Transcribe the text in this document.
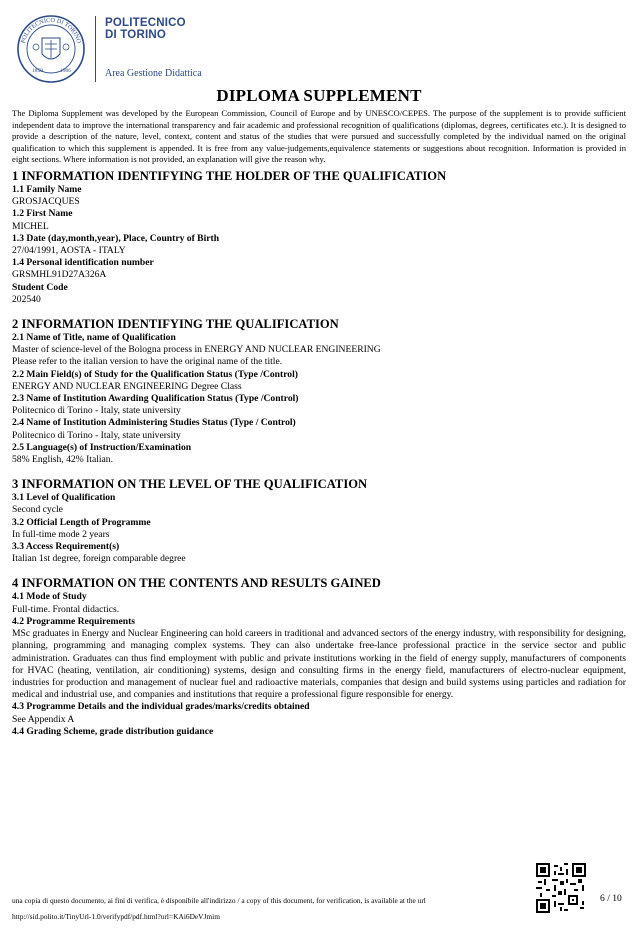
POLITECNICO DI TORINO
1859	1906
POLITECNICO
DI TORINO
Area Gestione Didattica
DIPLOMA SUPPLEMENT
The Diploma Supplement was developed by the European Commission, Council of Europe and by UNESCO/CEPES. The purpose of the supplement is to provide sufficient independent data to improve the international transparency and fair academic and professional recognition of qualifications (diplomas, degrees, certificates etc.). It is designed to provide a description of the nature, level, context, content and status of the studies that were pursued and successfully completed by the individual named on the original qualification to which this supplement is appended. It is free from any value-judgements,equivalence statements or suggestions about recognition. Information is provided in eight sections. Where information is not provided, an explanation will give the reason why.
1 INFORMATION IDENTIFYING THE HOLDER OF THE QUALIFICATION
1.1 Family Name
GROSJACQUES
1.2 First Name
MICHEL
1.3 Date (day,month,year), Place, Country of Birth
27/04/1991, AOSTA - ITALY
1.4 Personal identification number
GRSMHL91D27A326A
Student Code
202540
2 INFORMATION IDENTIFYING THE QUALIFICATION
2.1 Name of Title, name of Qualification
Master of science-level of the Bologna process in ENERGY AND NUCLEAR ENGINEERING
Please refer to the italian version to have the original name of the title.
2.2 Main Field(s) of Study for the Qualification Status (Type /Control)
ENERGY AND NUCLEAR ENGINEERING Degree Class
2.3 Name of Institution Awarding Qualification Status (Type /Control)
Politecnico di Torino - Italy, state university
2.4 Name of Institution Administering Studies Status (Type / Control)
Politecnico di Torino - Italy, state university
2.5 Language(s) of Instruction/Examination
58% English, 42% Italian.
3 INFORMATION ON THE LEVEL OF THE QUALIFICATION
3.1 Level of Qualification
Second cycle
3.2 Official Length of Programme
In full-time mode 2 years
3.3 Access Requirement(s)
Italian 1st degree, foreign comparable degree
4 INFORMATION ON THE CONTENTS AND RESULTS GAINED
4.1 Mode of Study
Full-time. Frontal didactics.
4.2 Programme Requirements
MSc graduates in Energy and Nuclear Engineering can hold careers in traditional and advanced sectors of the energy industry, with responsibility for designing, planning, programming and managing complex systems. They can also undertake free-lance professional practice in the service sector and public administration. Graduates can thus find employment with public and private institutions working in the field of energy supply, manufacturers of components for HVAC (heating, ventilation, air conditioning) systems, design and consulting firms in the energy field, manufacturers of electro-nuclear equipment, industries for production and management of nuclear fuel and radioactive materials, companies that design and build systems using particles and radiation for medical and industrial use, and companies and institutions that require a professional figure responsible for energy.
4.3 Programme Details and the individual grades/marks/credits obtained
See Appendix A
4.4 Grading Scheme, grade distribution guidance
una copia di questo documento, ai fini di verifica, è disponibile all'indirizzo / a copy of this document, for verification, is available at the url
http://sid.polito.it/TinyUrl-1.0/verifypdf/pdf.html?url=KAi6DeVJmim
6 / 10
